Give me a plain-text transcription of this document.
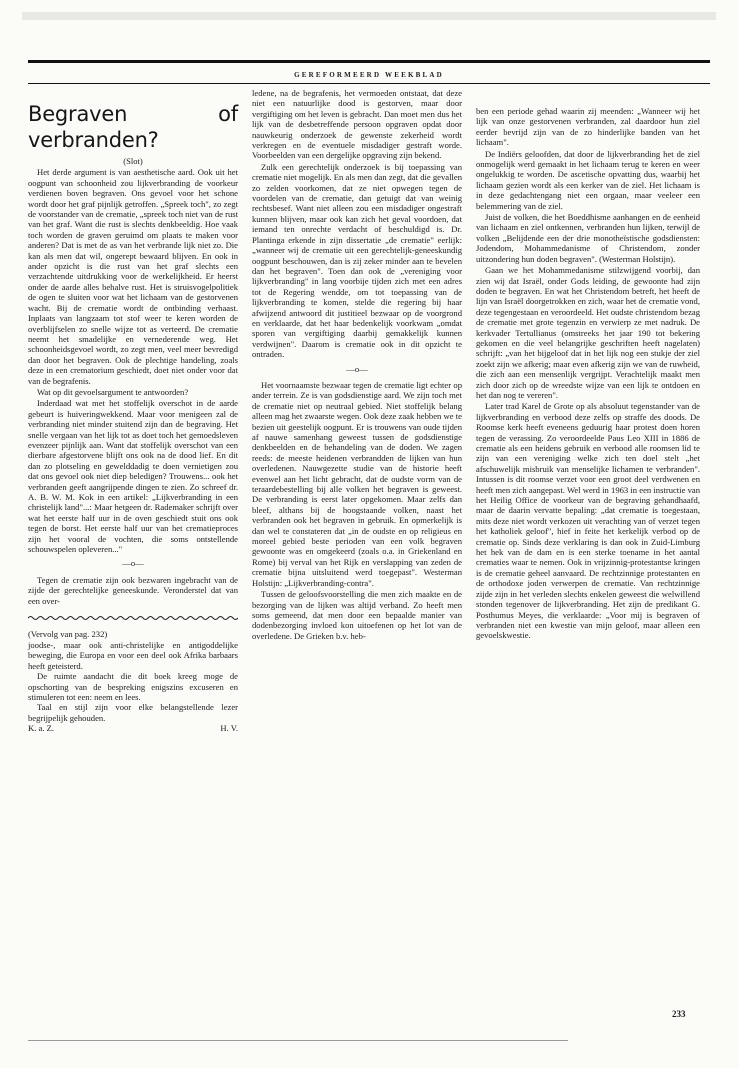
GEREFORMEERD WEEKBLAD
Begraven of verbranden?

(Slot)

Het derde argument is van aesthetische aard. Ook uit het oogpunt van schoonheid zou lijkverbranding de voorkeur verdienen boven begraven. Ons gevoel voor het schone wordt door het graf pijnlijk getroffen. „Spreek toch", zo zegt de voorstander van de crematie, „spreek toch niet van de rust van het graf. Want die rust is slechts denkbeeldig. Hoe vaak toch worden de graven geruimd om plaats te maken voor anderen? Dat is met de as van het verbrande lijk niet zo. Die kan als men dat wil, ongerept bewaard blijven. En ook in ander opzicht is die rust van het graf slechts een verzachtende uitdrukking voor de werkelijkheid. Er heerst onder de aarde alles behalve rust. Het is struisvogelpolitiek de ogen te sluiten voor wat het lichaam van de gestorvenen wacht. Bij de crematie wordt de ontbinding verhaast. Inplaats van langzaam tot stof weer te keren worden de overblijfselen zo snelle wijze tot as verteerd. De crematie neemt het smadelijke en vernederende weg. Het schoonheidsgevoel wordt, zo zegt men, veel meer bevredigd dan door het begraven. Ook de plechtige handeling, zoals deze in een crematorium geschiedt, doet niet onder voor dat van de begrafenis.

Wat op dit gevoelsargument te antwoorden?

Inderdaad wat met het stoffelijk overschot in de aarde gebeurt is huiveringwekkend. Maar voor menigeen zal de verbranding niet minder stuitend zijn dan de begraving. Het snelle vergaan van het lijk tot as doet toch het gemoedsleven evenzeer pijnlijk aan. Want dat stoffelijk overschot van een dierbare afgestorvene blijft ons ook na de dood lief. En dit dan zo plotseling en gewelddadig te doen vernietigen zou dat ons gevoel ook niet diep beledigen? Trouwens... ook het verbranden geeft aangrijpende dingen te zien. Zo schreef dr. A. B. W. M. Kok in een artikel: „Lijkverbranding in een christelijk land"...: Maar hetgeen dr. Rademaker schrijft over wat het eerste half uur in de oven geschiedt stuit ons ook tegen de borst. Het eerste half uur van het crematieproces zijn het vooral de vochten, die soms ontstellende schouwspelen opleveren..."

—o—

Tegen de crematie zijn ook bezwaren ingebracht van de zijde der gerechtelijke geneeskunde. Veronderstel dat van een over-

(Vervolg van pag. 232)

joodse-, maar ook anti-christelijke en antigoddelijke beweging, die Europa en voor een deel ook Afrika barbaars heeft geteisterd.

De ruimte aandacht die dit boek kreeg moge de opschorting van de bespreking enigszins excuseren en stimuleren tot een: neem en lees.

Taal en stijl zijn voor elke belangstellende lezer begrijpelijk gehouden.

K. a. Z.	H. V.

ledene, na de begrafenis, het vermoeden ontstaat, dat deze niet een natuurlijke dood is gestorven, maar door vergiftiging om het leven is gebracht. Dan moet men dus het lijk van de desbetreffende persoon opgraven opdat door nauwkeurig onderzoek de gewenste zekerheid wordt verkregen en de eventuele misdadiger gestraft worde. Voorbeelden van een dergelijke opgraving zijn bekend.

Zulk een gerechtelijk onderzoek is bij toepassing van crematie niet mogelijk. En als men dan zegt, dat die gevallen zo zelden voorkomen, dat ze niet opwegen tegen de voordelen van de crematie, dan getuigt dat van weinig rechtsbesef. Want niet alleen zou een misdadiger ongestraft kunnen blijven, maar ook kan zich het geval voordoen, dat iemand ten onrechte verdacht of beschuldigd is. Dr. Plantinga erkende in zijn dissertatie „de crematie" eerlijk: „wanneer wij de crematie uit een gerechtelijk-geneeskundig oogpunt beschouwen, dan is zij zeker minder aan te bevelen dan het begraven". Toen dan ook de „vereniging voor lijkverbranding" in lang voorbije tijden zich met een adres tot de Regering wendde, om tot toepassing van de lijkverbranding te komen, stelde die regering bij haar afwijzend antwoord dit justitieel bezwaar op de voorgrond en verklaarde, dat het haar bedenkelijk voorkwam „omdat sporen van vergiftiging daarbij gemakkelijk kunnen verdwijnen". Daarom is crematie ook in dit opzicht te ontraden.

—o—

Het voornaamste bezwaar tegen de crematie ligt echter op ander terrein. Ze is van godsdienstige aard. We zijn toch met de crematie niet op neutraal gebied. Niet stoffelijk belang alleen mag het zwaarste wegen. Ook deze zaak hebben we te bezien uit geestelijk oogpunt. Er is trouwens van oude tijden af nauwe samenhang geweest tussen de godsdienstige denkbeelden en de behandeling van de doden. We zagen reeds: de meeste heidenen verbrandden de lijken van hun overledenen. Nauwgezette studie van de historie heeft evenwel aan het licht gebracht, dat de oudste vorm van de teraardebestelling bij alle volken het begraven is geweest. De verbranding is eerst later opgekomen. Maar zelfs dan bleef, althans bij de hoogstaande volken, naast het verbranden ook het begraven in gebruik. En opmerkelijk is dan wel te constateren dat „in de oudste en op religieus en moreel gebied beste perioden van een volk begraven gewoonte was en omgekeerd (zoals o.a. in Griekenland en Rome) bij verval van het Rijk en verslapping van zeden de crematie bijna uitsluitend werd toegepast". Westerman Holstijn: „Lijkverbranding-contra".

Tussen de geloofsvoorstelling die men zich maakte en de bezorging van de lijken was altijd verband. Zo heeft men soms gemeend, dat men door een bepaalde manier van dodenbezorging invloed kon uitoefenen op het lot van de overledene. De Grieken b.v. heb-

ben een periode gehad waarin zij meenden: „Wanneer wij het lijk van onze gestorvenen verbranden, zal daardoor hun ziel eerder bevrijd zijn van de zo hinderlijke banden van het lichaam".

De Indiërs geloofden, dat door de lijkverbranding het de ziel onmogelijk werd gemaakt in het lichaam terug te keren en weer ongelukkig te worden. De ascetische opvatting dus, waarbij het lichaam gezien wordt als een kerker van de ziel. Het lichaam is in deze gedachtengang niet een orgaan, maar veeleer een belemmering van de ziel.

Juist de volken, die het Boeddhisme aanhangen en de eenheid van lichaam en ziel ontkennen, verbranden hun lijken, terwijl de volken „Belijdende een der drie monotheïstische godsdiensten: Jodendom, Mohammedanisme of Christendom, zonder uitzondering hun doden begraven". (Westerman Holstijn).

Gaan we het Mohammedanisme stilzwijgend voorbij, dan zien wij dat Israël, onder Gods leiding, de gewoonte had zijn doden te begraven. En wat het Christendom betreft, het heeft de lijn van Israël doorgetrokken en zich, waar het de crematie vond, deze tegengestaan en veroordeeld. Het oudste christendom bezag de crematie met grote tegenzin en verwierp ze met nadruk. De kerkvader Tertullianus (omstreeks het jaar 190 tot bekering gekomen en die veel belangrijke geschriften heeft nagelaten) schrijft: „van het bijgeloof dat in het lijk nog een stukje der ziel zoekt zijn we afkerig; maar even afkerig zijn we van de ruwheid, die zich aan een mensenlijk vergrijpt. Verachtelijk maakt men zich door zich op de wreedste wijze van een lijk te ontdoen en het dan nog te vereren".

Later trad Karel de Grote op als absoluut tegenstander van de lijkverbranding en verbood deze zelfs op straffe des doods. De Roomse kerk heeft eveneens geduurig haar protest doen horen tegen de verassing. Zo veroordeelde Paus Leo XIII in 1886 de crematie als een heidens gebruik en verbood alle roomsen lid te zijn van een vereniging welke zich ten doel stelt „het afschuwelijk misbruik van menselijke lichamen te verbranden". Intussen is dit roomse verzet voor een groot deel verdwenen en heeft men zich aangepast. Wel werd in 1963 in een instructie van het Heilig Office de voorkeur van de begraving gehandhaafd, maar de daarin vervatte bepaling: „dat crematie is toegestaan, mits deze niet wordt verkozen uit verachting van of verzet tegen het katholiek geloof", hief in feite het kerkelijk verbod op de crematie op. Sinds deze verklaring is dan ook in Zuid-Limburg het hek van de dam en is een sterke toename in het aantal crematies waar te nemen. Ook in vrijzinnig-protestantse kringen is de crematie geheel aanvaard. De rechtzinnige protestanten en de orthodoxe joden verwerpen de crematie. Van rechtzinnige zijde zijn in het verleden slechts enkelen geweest die welwillend stonden tegenover de lijkverbranding. Het zijn de predikant G. Posthumus Meyes, die verklaarde: „Voor mij is begraven of verbranden niet een kwestie van mijn geloof, maar alleen een gevoelskwestie.

233
